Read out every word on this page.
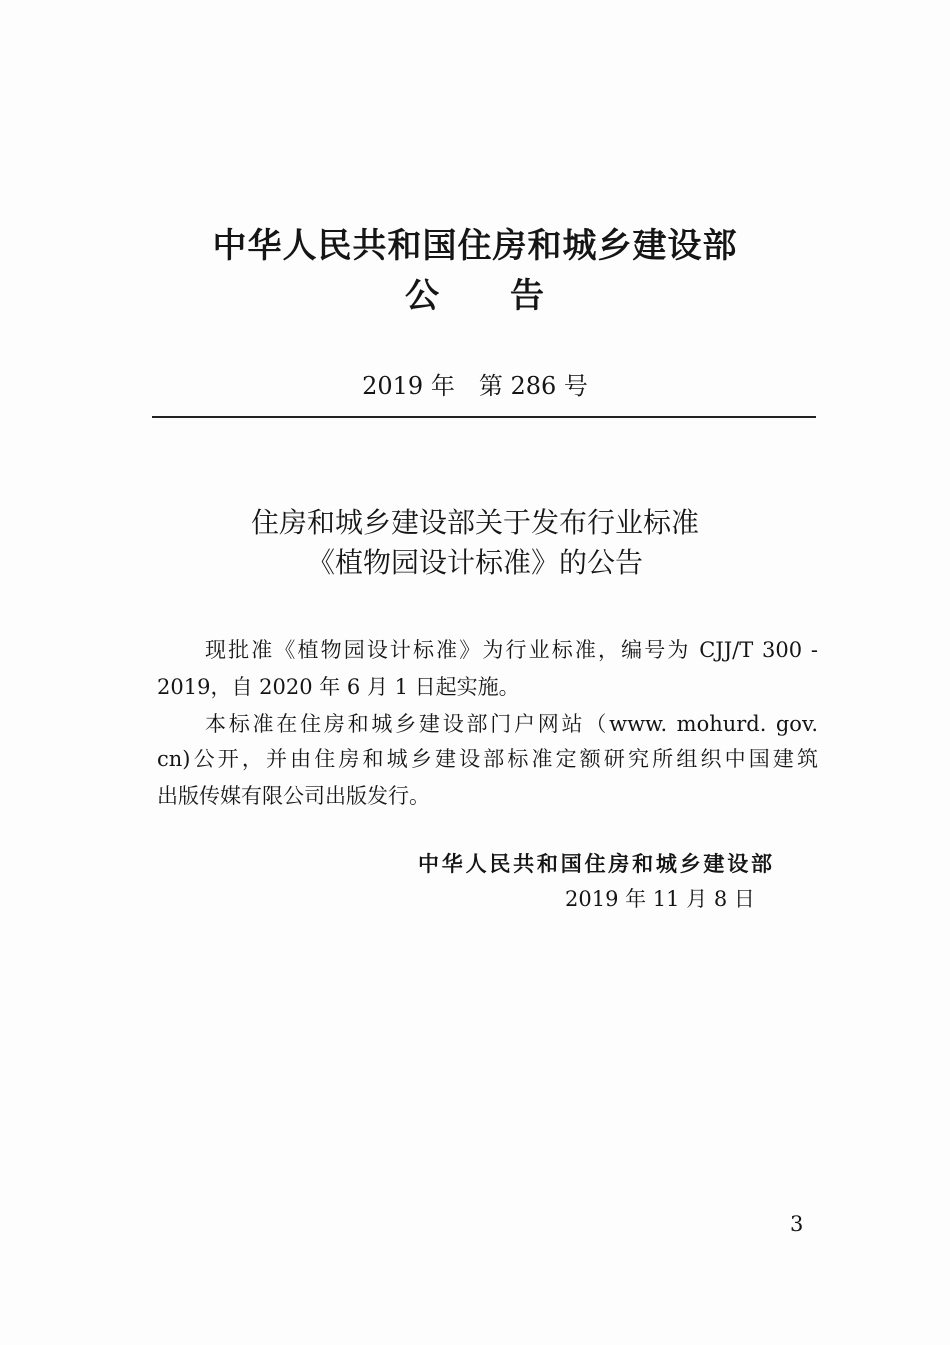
中华人民共和国住房和城乡建设部
公　　告
2019 年　第 286 号
住房和城乡建设部关于发布行业标准
《植物园设计标准》的公告
现批准《植物园设计标准》为行业标准，编号为 CJJ/T 300 -
2019，自 2020 年 6 月 1 日起实施。
本标准在住房和城乡建设部门户网站（www. mohurd. gov.
cn)公开，并由住房和城乡建设部标准定额研究所组织中国建筑
出版传媒有限公司出版发行。
中华人民共和国住房和城乡建设部
2019 年 11 月 8 日
3
